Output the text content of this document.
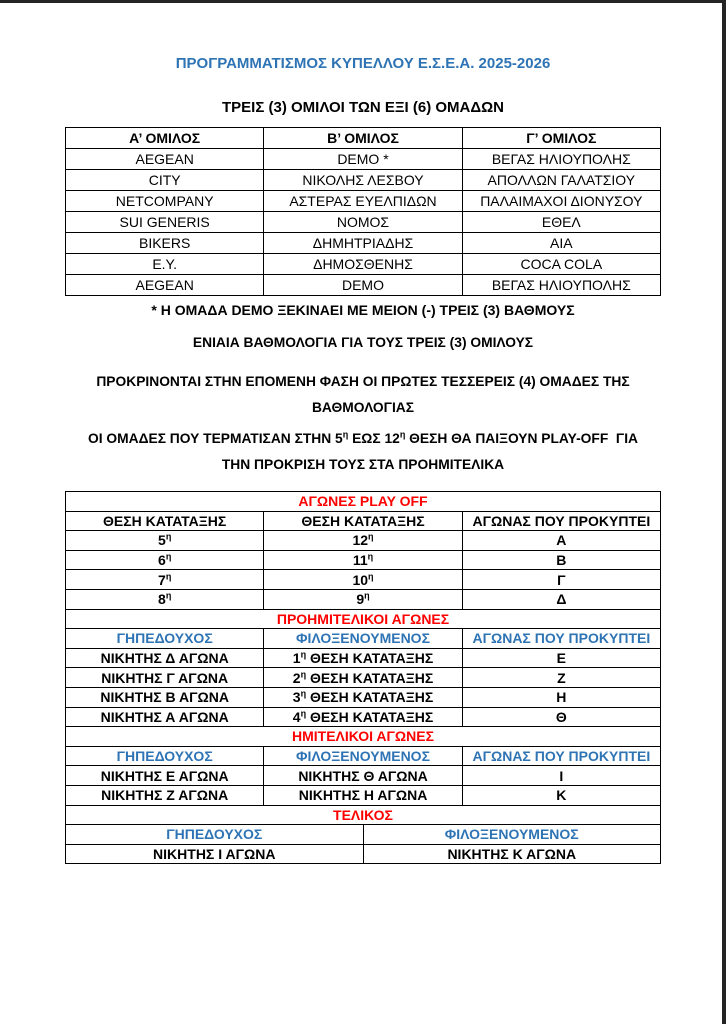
ΠΡΟΓΡΑΜΜΑΤΙΣΜΟΣ ΚΥΠΕΛΛΟΥ Ε.Σ.Ε.Α. 2025-2026
ΤΡΕΙΣ (3) ΟΜΙΛΟΙ ΤΩΝ ΕΞΙ (6) ΟΜΑΔΩΝ
Α’ ΟΜΙΛΟΣ	Β’ ΟΜΙΛΟΣ	Γ’ ΟΜΙΛΟΣ
AEGEAN	DEMO *	ΒΕΓΑΣ ΗΛΙΟΥΠΟΛΗΣ
CITY	ΝΙΚΟΛΗΣ ΛΕΣΒΟΥ	ΑΠΟΛΛΩΝ ΓΑΛΑΤΣΙΟΥ
NETCOMPANY	ΑΣΤΕΡΑΣ ΕΥΕΛΠΙΔΩΝ	ΠΑΛΑΙΜΑΧΟΙ ΔΙΟΝΥΣΟΥ
SUI GENERIS	ΝΟΜΟΣ	ΕΘΕΛ
BIKERS	ΔΗΜΗΤΡΙΑΔΗΣ	ΑΙΑ
E.Y.	ΔΗΜΟΣΘΕΝΗΣ	COCA COLA
AEGEAN	DEMO	ΒΕΓΑΣ ΗΛΙΟΥΠΟΛΗΣ

* Η ΟΜΑΔΑ DEMO ΞΕΚΙΝΑΕΙ ΜΕ ΜΕΙΟΝ (-) ΤΡΕΙΣ (3) ΒΑΘΜΟΥΣ

ΕΝΙΑΙΑ ΒΑΘΜΟΛΟΓΙΑ ΓΙΑ ΤΟΥΣ ΤΡΕΙΣ (3) ΟΜΙΛΟΥΣ

ΠΡΟΚΡΙΝΟΝΤΑΙ ΣΤΗΝ ΕΠΟΜΕΝΗ ΦΑΣΗ ΟΙ ΠΡΩΤΕΣ ΤΕΣΣΕΡΕΙΣ (4) ΟΜΑΔΕΣ ΤΗΣ
ΒΑΘΜΟΛΟΓΙΑΣ

ΟΙ ΟΜΑΔΕΣ ΠΟΥ ΤΕΡΜΑΤΙΣΑΝ ΣΤΗΝ $5^\eta$ ΕΩΣ $12^\eta$ ΘΕΣΗ ΘΑ ΠΑΙΞΟΥΝ PLAY-OFF  ΓΙΑ
ΤΗΝ ΠΡΟΚΡΙΣΗ ΤΟΥΣ ΣΤΑ ΠΡΟΗΜΙΤΕΛΙΚΑ

ΑΓΩΝΕΣ PLAY OFF			
ΘΕΣΗ ΚΑΤΑΤΑΞΗΣ	ΘΕΣΗ ΚΑΤΑΤΑΞΗΣ		ΑΓΩΝΑΣ ΠΟΥ ΠΡΟΚΥΠΤΕΙ
$5^\eta$	$12^\eta$		Α
$6^\eta$	$11^\eta$		Β
$7^\eta$	$10^\eta$		Γ
$8^\eta$	$9^\eta$		Δ
ΠΡΟΗΜΙΤΕΛΙΚΟΙ ΑΓΩΝΕΣ			
ΓΗΠΕΔΟΥΧΟΣ	ΦΙΛΟΞΕΝΟΥΜΕΝΟΣ		ΑΓΩΝΑΣ ΠΟΥ ΠΡΟΚΥΠΤΕΙ
ΝΙΚΗΤΗΣ Δ ΑΓΩΝΑ	$1^\eta$ ΘΕΣΗ ΚΑΤΑΤΑΞΗΣ		Ε
ΝΙΚΗΤΗΣ Γ ΑΓΩΝΑ	$2^\eta$ ΘΕΣΗ ΚΑΤΑΤΑΞΗΣ		Ζ
ΝΙΚΗΤΗΣ Β ΑΓΩΝΑ	$3^\eta$ ΘΕΣΗ ΚΑΤΑΤΑΞΗΣ		Η
ΝΙΚΗΤΗΣ Α ΑΓΩΝΑ	$4^\eta$ ΘΕΣΗ ΚΑΤΑΤΑΞΗΣ		Θ
ΗΜΙΤΕΛΙΚΟΙ ΑΓΩΝΕΣ			
ΓΗΠΕΔΟΥΧΟΣ	ΦΙΛΟΞΕΝΟΥΜΕΝΟΣ		ΑΓΩΝΑΣ ΠΟΥ ΠΡΟΚΥΠΤΕΙ
ΝΙΚΗΤΗΣ Ε ΑΓΩΝΑ	ΝΙΚΗΤΗΣ Θ ΑΓΩΝΑ		Ι
ΝΙΚΗΤΗΣ Ζ ΑΓΩΝΑ	ΝΙΚΗΤΗΣ Η ΑΓΩΝΑ		Κ
ΤΕΛΙΚΟΣ			
ΓΗΠΕΔΟΥΧΟΣ		ΦΙΛΟΞΕΝΟΥΜΕΝΟΣ	
ΝΙΚΗΤΗΣ Ι ΑΓΩΝΑ		ΝΙΚΗΤΗΣ Κ ΑΓΩΝΑ	
